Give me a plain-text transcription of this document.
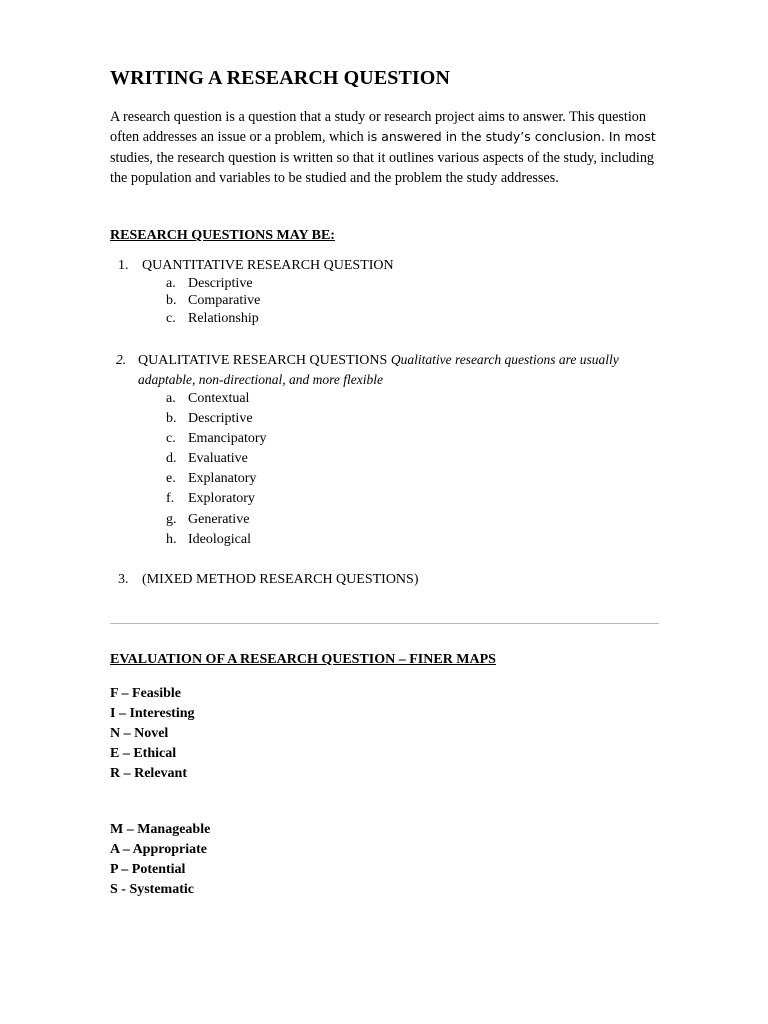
WRITING A RESEARCH QUESTION

A research question is a question that a study or research project aims to answer. This question often addresses an issue or a problem, which is answered in the study’s conclusion. In most studies, the research question is written so that it outlines various aspects of the study, including the population and variables to be studied and the problem the study addresses.

RESEARCH QUESTIONS MAY BE:
1. QUANTITATIVE RESEARCH QUESTION
a. Descriptive
b. Comparative
c. Relationship
2. QUALITATIVE RESEARCH QUESTIONS Qualitative research questions are usually
adaptable, non-directional, and more flexible
a. Contextual
b. Descriptive
c. Emancipatory
d. Evaluative
e. Explanatory
f. Exploratory
g. Generative
h. Ideological
3. (MIXED METHOD RESEARCH QUESTIONS)
EVALUATION OF A RESEARCH QUESTION – FINER MAPS
F – Feasible
I – Interesting
N – Novel
E – Ethical
R – Relevant
M – Manageable
A – Appropriate
P – Potential
S - Systematic
